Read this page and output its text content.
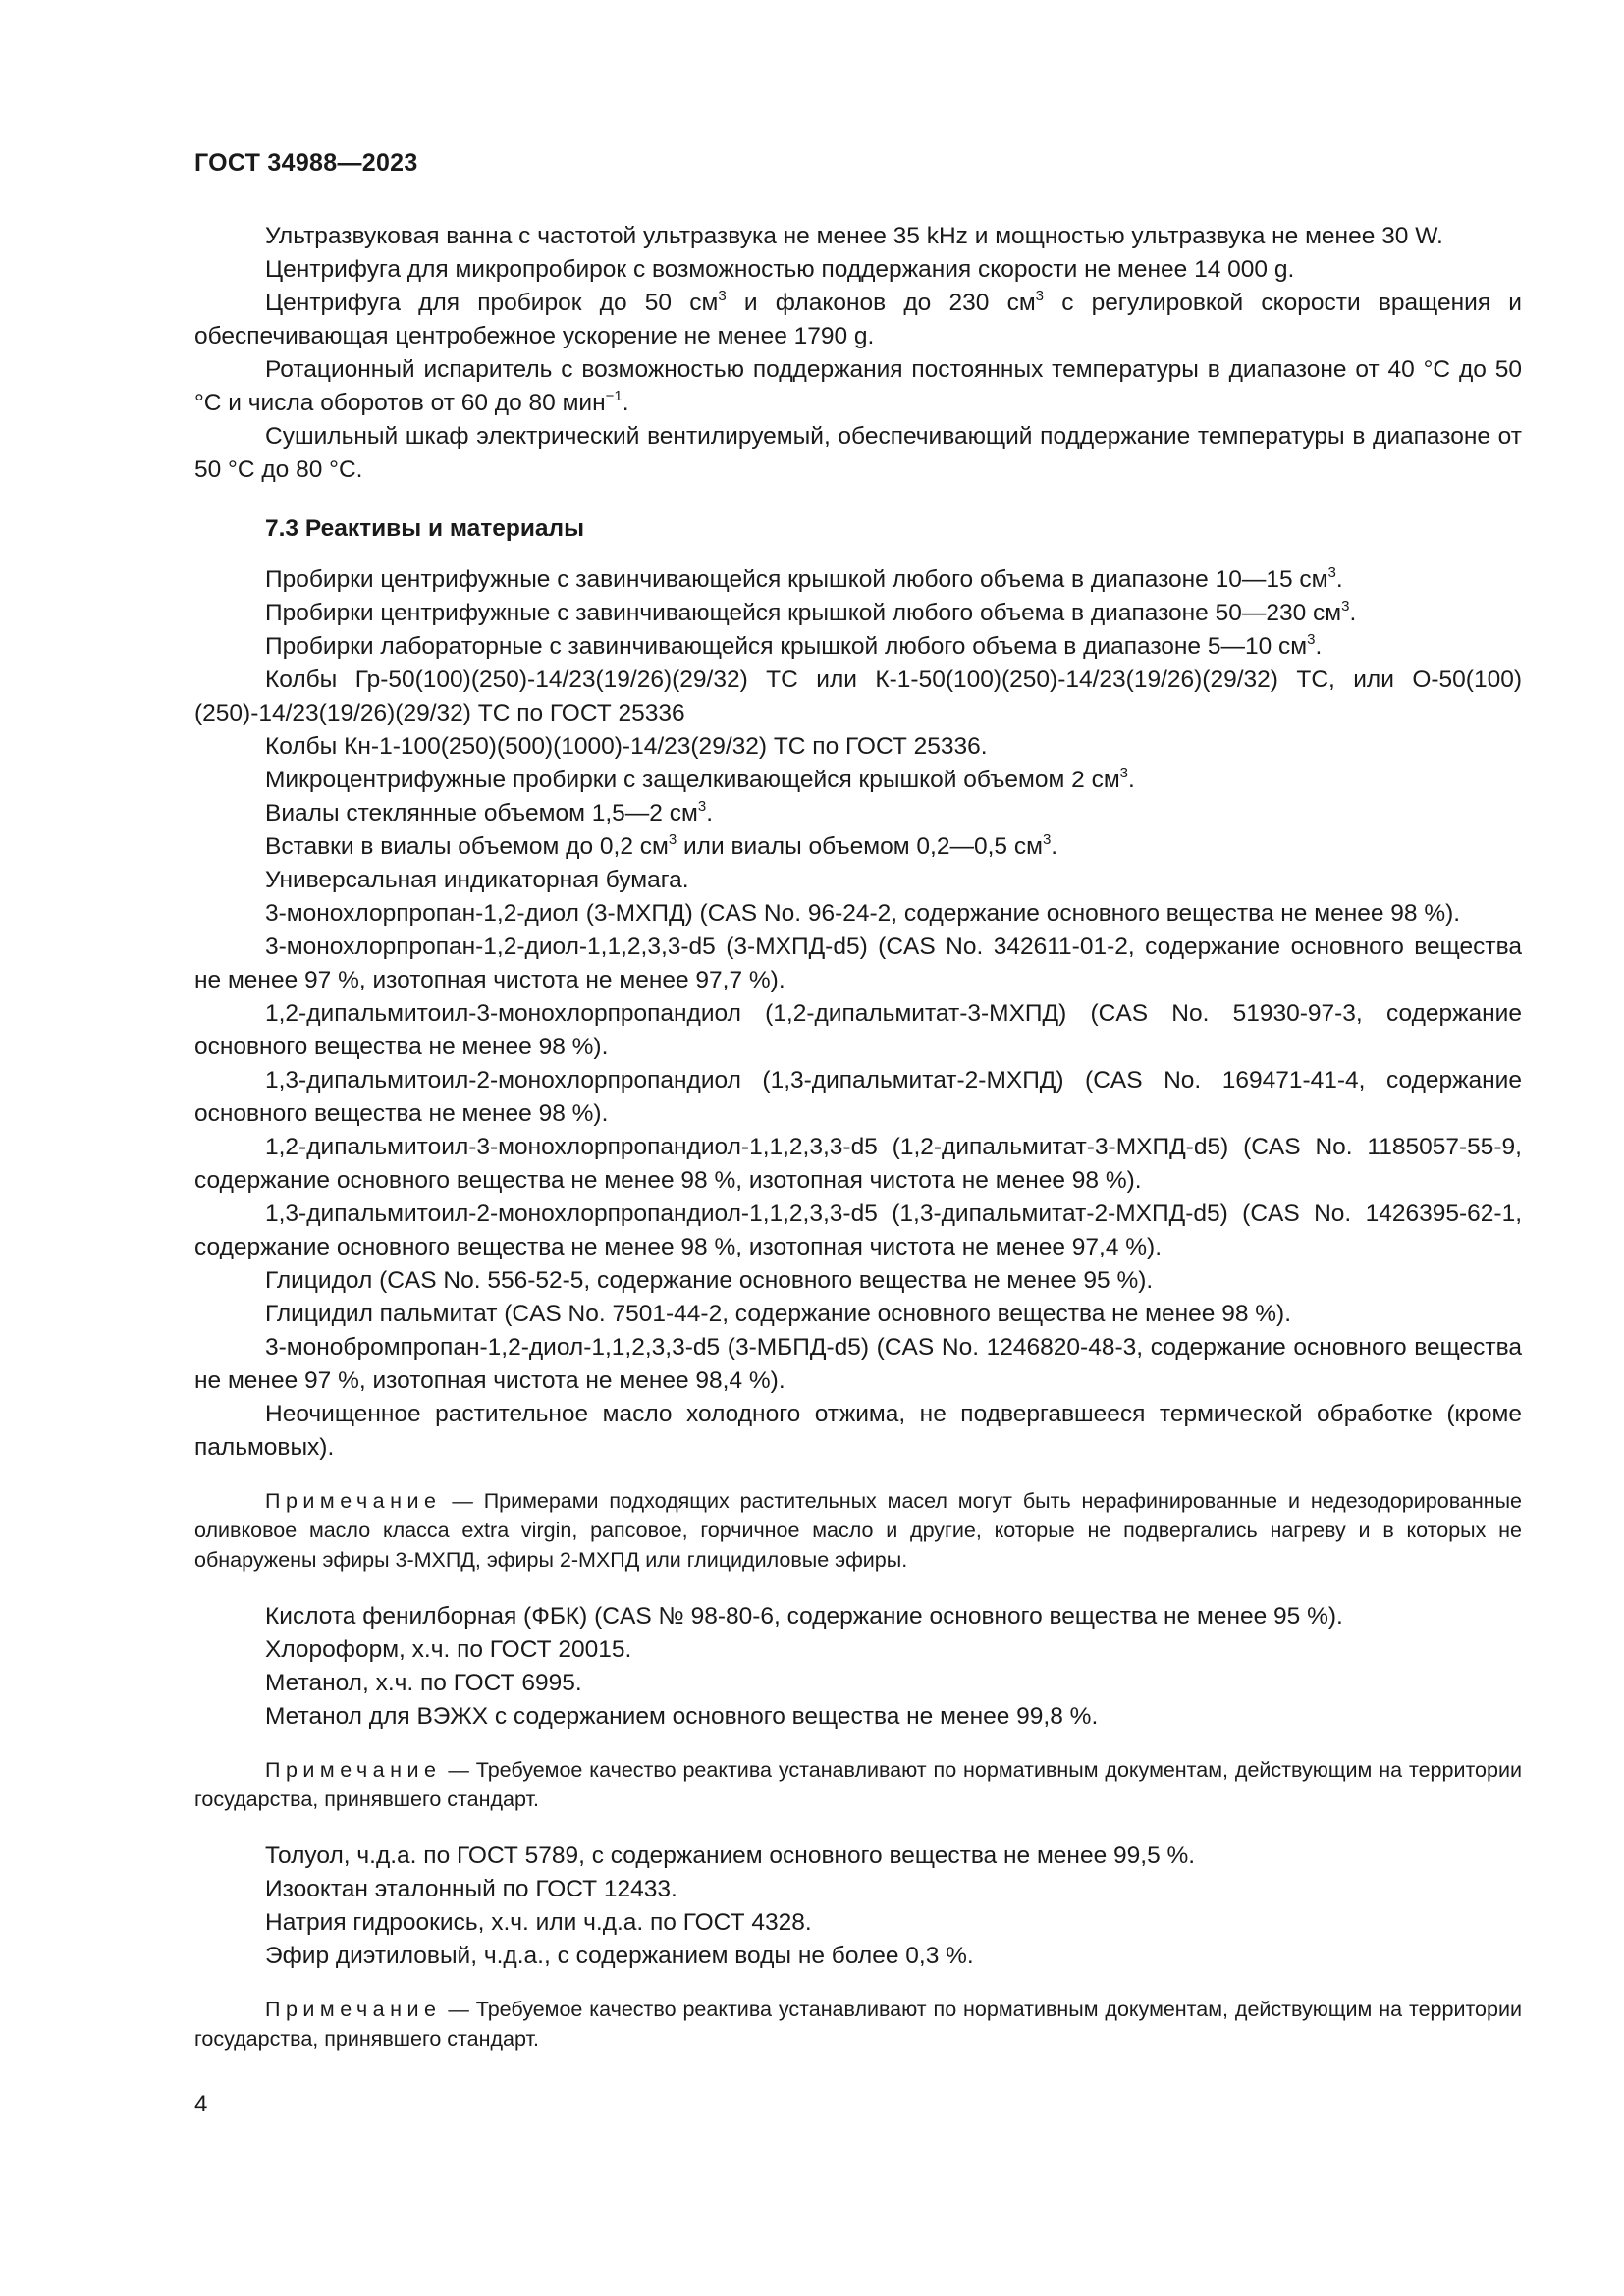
ГОСТ 34988—2023

Ультразвуковая ванна с частотой ультразвука не менее 35 kHz и мощностью ультразвука не менее 30 W.

Центрифуга для микропробирок с возможностью поддержания скорости не менее 14 000 g.

Центрифуга для пробирок до 50 $см^3$ и флаконов до 230 $см^3$ с регулировкой скорости вращения и обеспечивающая центробежное ускорение не менее 1790 g.

Ротационный испаритель с возможностью поддержания постоянных температуры в диапазоне от 40 °С до 50 °С и числа оборотов от 60 до 80 мин$^{-1}$.

Сушильный шкаф электрический вентилируемый, обеспечивающий поддержание температуры в диапазоне от 50 °С до 80 °С.

7.3 Реактивы и материалы

Пробирки центрифужные с завинчивающейся крышкой любого объема в диапазоне 10—15 $см^3$.

Пробирки центрифужные с завинчивающейся крышкой любого объема в диапазоне 50—230 $см^3$.

Пробирки лабораторные с завинчивающейся крышкой любого объема в диапазоне 5—10 $см^3$.

Колбы Гр-50(100)(250)-14/23(19/26)(29/32) ТС или К-1-50(100)(250)-14/23(19/26)(29/32) ТС, или О-50(100)(250)-14/23(19/26)(29/32) ТС по ГОСТ 25336

Колбы Кн-1-100(250)(500)(1000)-14/23(29/32) ТС по ГОСТ 25336.

Микроцентрифужные пробирки с защелкивающейся крышкой объемом 2 $см^3$.

Виалы стеклянные объемом 1,5—2 $см^3$.

Вставки в виалы объемом до 0,2 $см^3$ или виалы объемом 0,2—0,5 $см^3$.

Универсальная индикаторная бумага.

3-монохлорпропан-1,2-диол (3-МХПД) (CAS No. 96-24-2, содержание основного вещества не менее 98 %).

3-монохлорпропан-1,2-диол-1,1,2,3,3-d5 (3-МХПД-d5) (CAS No. 342611-01-2, содержание основного вещества не менее 97 %, изотопная чистота не менее 97,7 %).

1,2-дипальмитоил-3-монохлорпропандиол (1,2-дипальмитат-3-МХПД) (CAS No. 51930-97-3, содержание основного вещества не менее 98 %).

1,3-дипальмитоил-2-монохлорпропандиол (1,3-дипальмитат-2-МХПД) (CAS No. 169471-41-4, содержание основного вещества не менее 98 %).

1,2-дипальмитоил-3-монохлорпропандиол-1,1,2,3,3-d5 (1,2-дипальмитат-3-МХПД-d5) (CAS No. 1185057-55-9, содержание основного вещества не менее 98 %, изотопная чистота не менее 98 %).

1,3-дипальмитоил-2-монохлорпропандиол-1,1,2,3,3-d5 (1,3-дипальмитат-2-МХПД-d5) (CAS No. 1426395-62-1, содержание основного вещества не менее 98 %, изотопная чистота не менее 97,4 %).

Глицидол (CAS No. 556-52-5, содержание основного вещества не менее 95 %).

Глицидил пальмитат (CAS No. 7501-44-2, содержание основного вещества не менее 98 %).

3-монобромпропан-1,2-диол-1,1,2,3,3-d5 (3-МБПД-d5) (CAS No. 1246820-48-3, содержание основного вещества не менее 97 %, изотопная чистота не менее 98,4 %).

Неочищенное растительное масло холодного отжима, не подвергавшееся термической обработке (кроме пальмовых).

Примечание — Примерами подходящих растительных масел могут быть нерафинированные и недезодорированные оливковое масло класса extra virgin, рапсовое, горчичное масло и другие, которые не подвергались нагреву и в которых не обнаружены эфиры 3-МХПД, эфиры 2-МХПД или глицидиловые эфиры.

Кислота фенилборная (ФБК) (CAS № 98-80-6, содержание основного вещества не менее 95 %).

Хлороформ, х.ч. по ГОСТ 20015.

Метанол, х.ч. по ГОСТ 6995.

Метанол для ВЭЖХ с содержанием основного вещества не менее 99,8 %.

Примечание — Требуемое качество реактива устанавливают по нормативным документам, действующим на территории государства, принявшего стандарт.

Толуол, ч.д.а. по ГОСТ 5789, с содержанием основного вещества не менее 99,5 %.

Изооктан эталонный по ГОСТ 12433.

Натрия гидроокись, х.ч. или ч.д.а. по ГОСТ 4328.

Эфир диэтиловый, ч.д.а., с содержанием воды не более 0,3 %.

Примечание — Требуемое качество реактива устанавливают по нормативным документам, действующим на территории государства, принявшего стандарт.
4
